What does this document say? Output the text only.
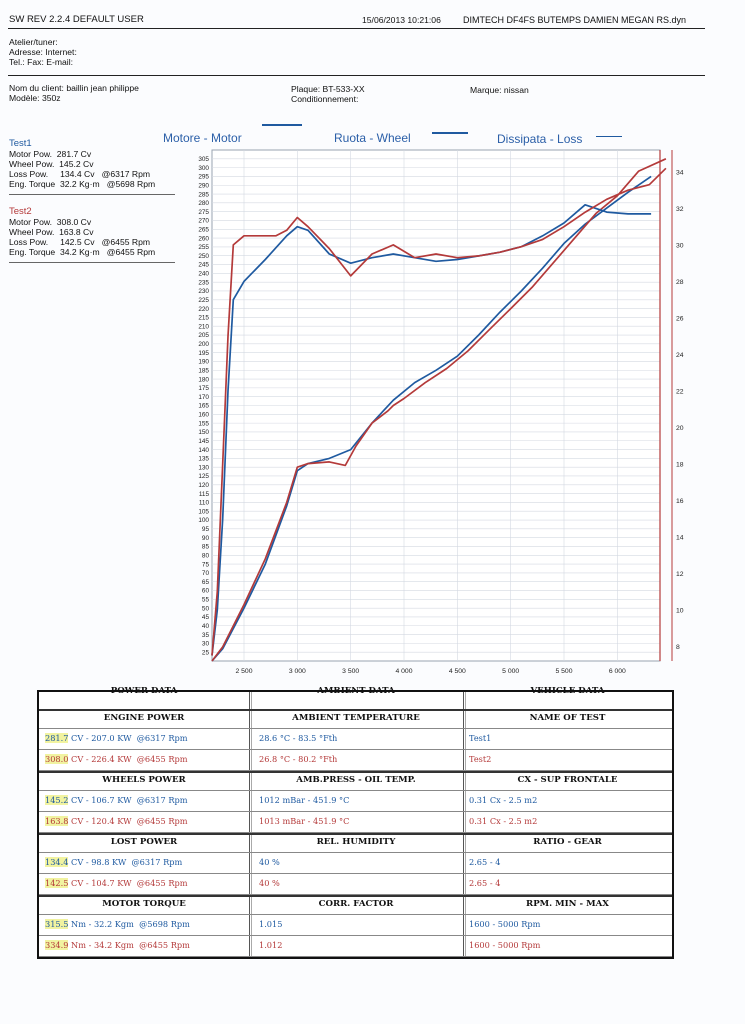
SW REV 2.2.4 DEFAULT USER	15/06/2013 10:21:06 DIMTECH DF4FS BUTEMPS DAMIEN MEGAN RS.dyn
Atelier/tuner:
Adresse: Internet:
Tel.: Fax: E-mail:
Nom du client: baillin jean philippe
Modèle: 350z
Plaque: BT-533-XX
Conditionnement:
Marque: nissan
Test1
Motor Pow.  281.7 Cv
Wheel Pow.  145.2 Cv
Loss Pow.     134.4 Cv   @6317 Rpm
Eng. Torque  32.2 Kg·m   @5698 Rpm
Test2
Motor Pow.  308.0 Cv
Wheel Pow.  163.8 Cv
Loss Pow.     142.5 Cv   @6455 Rpm
Eng. Torque  34.2 Kg·m   @6455 Rpm
Motore - Motor	Ruota - Wheel	Dissipata - Loss
25
30
35
40
45
50
55
60
65
70
75
80
85
90
95
100
105
110
115
120
125
130
135
140
145
150
155
160
165
170
175
180
185
190
195
200
205
210
215
220
225
230
235
240
245
250
255
260
265
270
275
280
285
290
295
300
305
2 500	3 000	3 500	4 000	4 500	5 000	5 500	6 000
8
10
12
14
16
18
20
22
24
26
28
30
32
34
POWER DATA	AMBIENT DATA	VEHICLE DATA
ENGINE POWER	AMBIENT TEMPERATURE	NAME OF TEST
281.7 CV - 207.0 KW  @6317 Rpm	28.6 °C - 83.5 °Fth	Test1
308.0 CV - 226.4 KW  @6455 Rpm	26.8 °C - 80.2 °Fth	Test2
WHEELS POWER	AMB.PRESS - OIL TEMP.	CX - SUP FRONTALE
145.2 CV - 106.7 KW  @6317 Rpm	1012 mBar - 451.9 °C	0.31 Cx - 2.5 m2
163.8 CV - 120.4 KW  @6455 Rpm	1013 mBar - 451.9 °C	0.31 Cx - 2.5 m2
LOST POWER	REL. HUMIDITY	RATIO - GEAR
134.4 CV - 98.8 KW  @6317 Rpm	40 %	2.65 - 4
142.5 CV - 104.7 KW  @6455 Rpm	40 %	2.65 - 4
MOTOR TORQUE	CORR. FACTOR	RPM. MIN - MAX
315.5 Nm - 32.2 Kgm  @5698 Rpm	1.015	1600 - 5000 Rpm
334.9 Nm - 34.2 Kgm  @6455 Rpm	1.012	1600 - 5000 Rpm
